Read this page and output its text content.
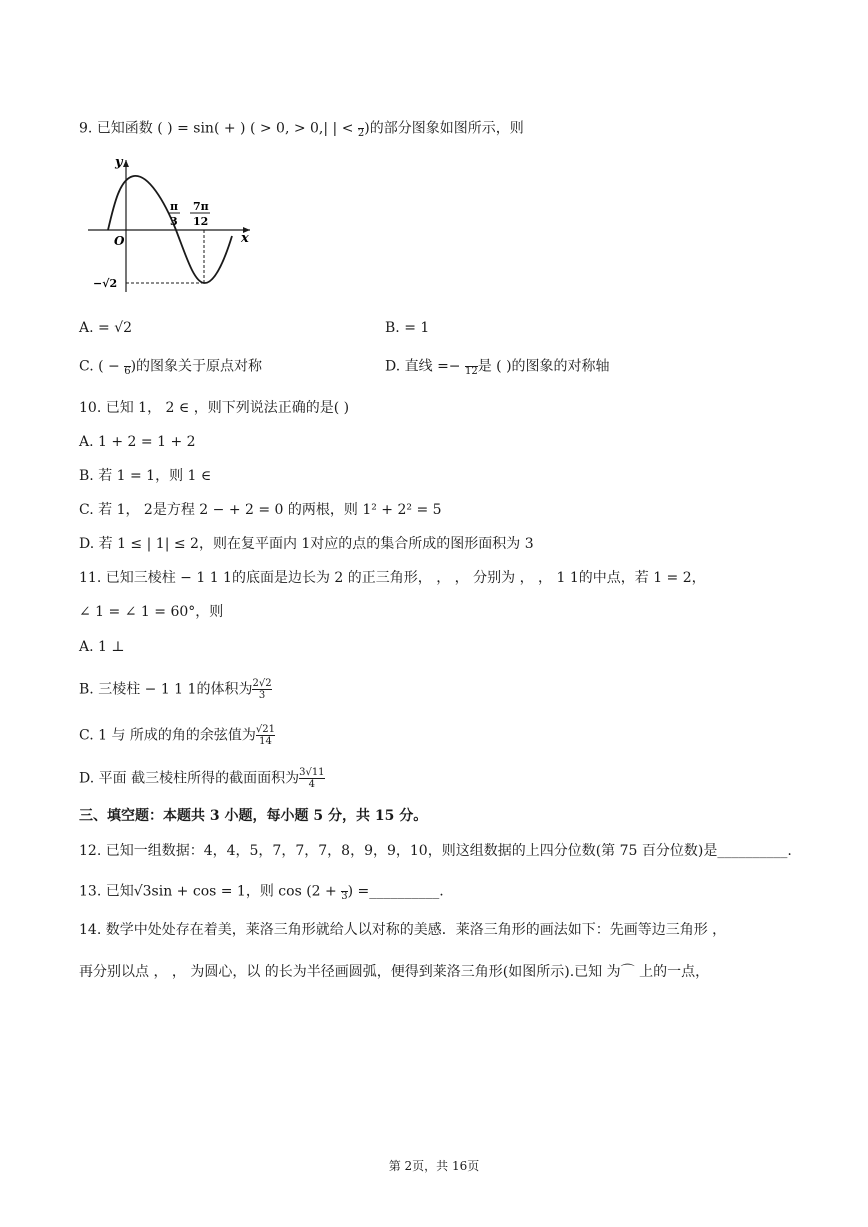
9. 已知函数 ( ) = sin( + ) ( > 0, > 0,| | <

2)的部分图象如图所示，则
y
x
O
π
3
7π
12
−√2
A. = √2	B. = 1
C. ( −

6)的图象关于原点对称	D. 直线 =−

12是 ( )的图象的对称轴
10. 已知 1， 2 ∈ ，则下列说法正确的是( )
A. 1 + 2 = 1 + 2
B. 若 1 = 1，则 1 ∈
C. 若 1， 2是方程 2 − + 2 = 0 的两根，则 1² + 2² = 5
D. 若 1 ≤ | 1| ≤ 2，则在复平面内 1对应的点的集合所成的图形面积为 3
11. 已知三棱柱 − 1 1 1的底面是边长为 2 的正三角形， ， ， 分别为 ， ， 1 1的中点，若 1 = 2，
∠ 1 = ∠ 1 = 60°，则
A. 1 ⊥
B. 三棱柱 − 1 1 1的体积为 $\frac{2√2}{3}$
C. 1 与 所成的角的余弦值为 $\frac{√21}{14}$
D. 平面 截三棱柱所得的截面面积为 $\frac{3√11}{4}$
三、填空题：本题共 3 小题，每小题 5 分，共 15 分。
12. 已知一组数据：4，4，5，7，7，7，8，9，9，10，则这组数据的上四分位数(第 75 百分位数)是__________.
13. 已知√3sin + cos = 1，则 cos (2 +

3) =__________.
14. 数学中处处存在着美，莱洛三角形就给人以对称的美感．莱洛三角形的画法如下：先画等边三角形 ，
再分别以点 ， ， 为圆心，以 的长为半径画圆弧，便得到莱洛三角形(如图所示).已知 为⌒ 上的一点，
第 2页，共 16页
